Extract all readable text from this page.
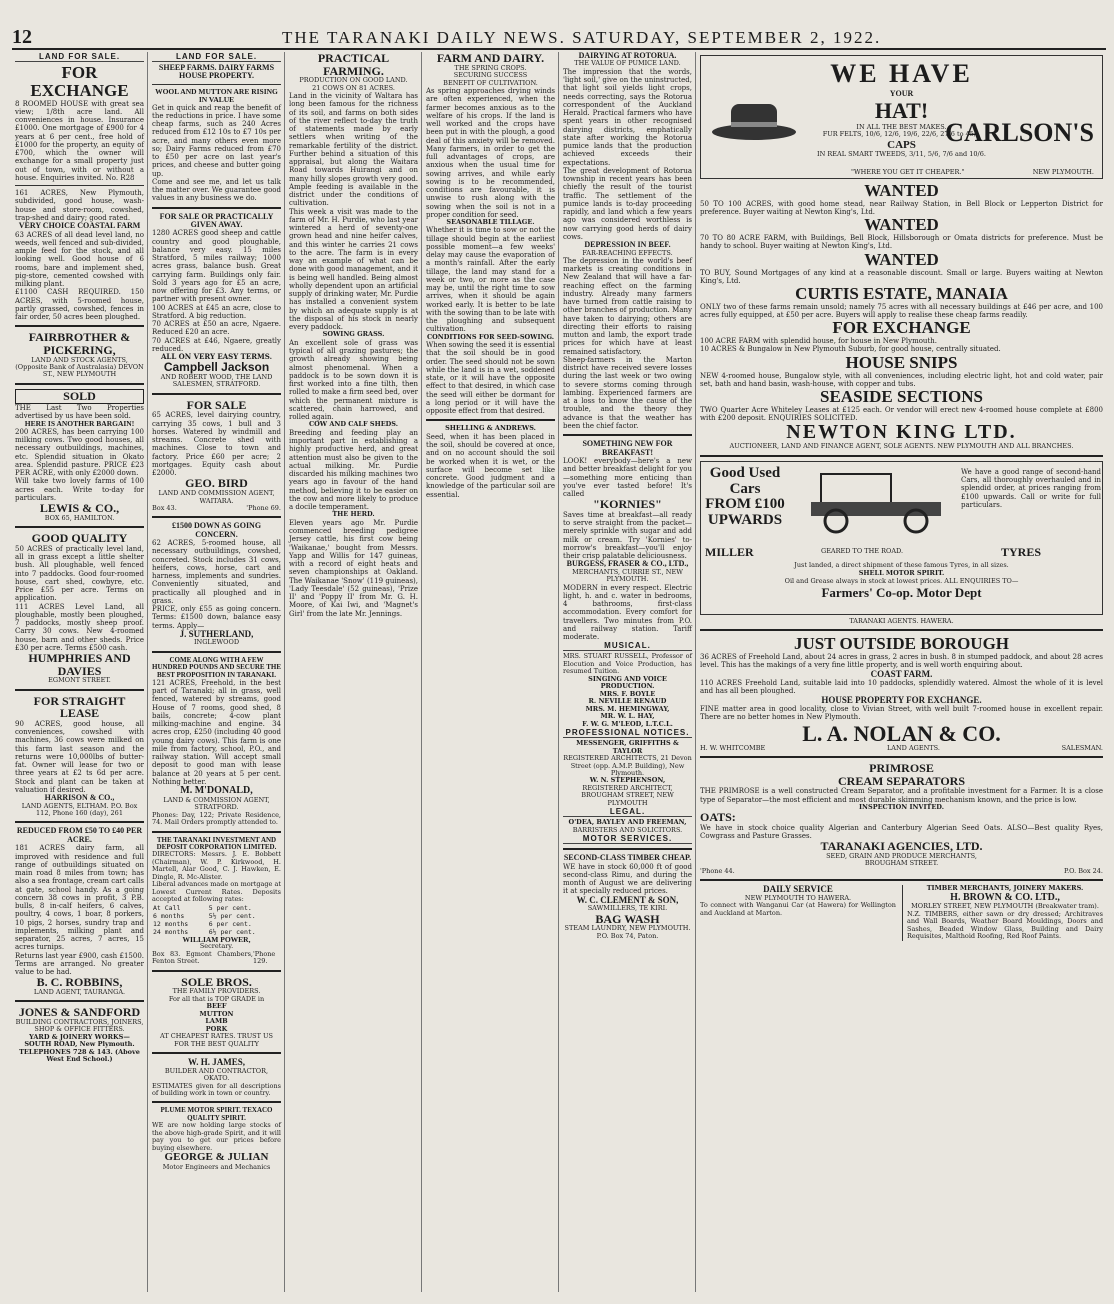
12	THE TARANAKI DAILY NEWS. SATURDAY, SEPTEMBER 2, 1922.
LAND FOR SALE.
FOR EXCHANGE
8 ROOMED HOUSE with great sea view; 1/8th acre land. All conveniences in house. Insurance £1000. One mortgage of £900 for 4 years at 6 per cent., free hold of £1000 for the property, an equity of £700, which the owner will exchange for a small property just out of town, with or without a house. Enquiries invited. No. R28
161 ACRES, New Plymouth, subdivided, good house, wash-house and store-room, cowshed, trap-shed and dairy; good rated.
VERY CHOICE COASTAL FARM
63 ACRES of all dead level land, no weeds, well fenced and sub-divided, ample feed for the stock, and all looking well. Good house of 6 rooms, bare and implement shed, pig-store, cemented cowshed with milking plant.
£1100 CASH REQUIRED. 150 ACRES, with 5-roomed house, partly grassed, cowshed, fences in fair order, 50 acres been ploughed.
FAIRBROTHER & PICKERING,
LAND AND STOCK AGENTS, (Opposite Bank of Australasia) DEVON ST., NEW PLYMOUTH
SOLD
THE Last Two Properties advertised by us have been sold.
HERE IS ANOTHER BARGAIN!
200 ACRES, has been carrying 100 milking cows. Two good houses, all necessary outbuildings, machines, etc. Splendid situation in Okato area. Splendid pasture. PRICE £23 PER ACRE, with only £2000 down.
Will take two lovely farms of 100 acres each. Write to-day for particulars.
LEWIS & CO.,
BOX 65, HAMILTON.
GOOD QUALITY
50 ACRES of practically level land, all in grass except a little shelter bush. All ploughable, well fenced into 7 paddocks. Good four-roomed house, cart shed, cowbyre, etc. Price £55 per acre. Terms on application.
111 ACRES Level Land, all ploughable, mostly been ploughed, 7 paddocks, mostly sheep proof. Carry 30 cows. New 4-roomed house, barn and other sheds. Price £30 per acre. Terms £500 cash.
HUMPHRIES AND DAVIES
EGMONT STREET.
FOR STRAIGHT LEASE
90 ACRES, good house, all conveniences, cowshed with machines, 36 cows were milked on this farm last season and the returns were 10,000lbs of butter-fat. Owner will lease for two or three years at £2 ts 6d per acre. Stock and plant can be taken at valuation if desired.
HARRISON & CO.,
LAND AGENTS, ELTHAM. P.O. Box 112, Phone 160 (day), 261
REDUCED FROM £50 TO £40 PER ACRE.
181 ACRES dairy farm, all improved with residence and full range of outbuildings situated on main road 8 miles from town; has also a sea frontage, cream cart calls at gate, school handy. As a going concern 38 cows in profit, 3 P.B. bulls, 8 in-calf heifers, 6 calves, poultry, 4 cows, 1 boar, 8 porkers, 10 pigs, 2 horses, sundry trap and implements, milking plant and separator, 25 acres, 7 acres, 15 acres turnips.
Returns last year £900, cash £1500. Terms are arranged. No greater value to be had.
B. C. ROBBINS,
LAND AGENT, TAURANGA.
JONES & SANDFORD
BUILDING CONTRACTORS, JOINERS, SHOP & OFFICE FITTERS.
YARD & JOINERY WORKS— SOUTH ROAD, New Plymouth. TELEPHONES 728 & 143. (Above West End School.)
LAND FOR SALE.
SHEEP FARMS. DAIRY FARMS HOUSE PROPERTY.
WOOL AND MUTTON ARE RISING IN VALUE
Get in quick and reap the benefit of the reductions in price. I have some cheap farms, such as 240 Acres reduced from £12 10s to £7 10s per acre, and many others even more so; Dairy Farms reduced from £70 to £50 per acre on last year's prices, and cheese and butter going up.
Come and see me, and let us talk the matter over. We guarantee good values in any business we do.
FOR SALE OR PRACTICALLY GIVEN AWAY.
1280 ACRES good sheep and cattle country and good ploughable, balance very easy. 15 miles Stratford, 5 miles railway; 1000 acres grass, balance bush. Great carrying farm. Buildings only fair. Sold 3 years ago for £5 an acre, now offering for £3. Any terms, or partner with present owner.
100 ACRES at £45 an acre, close to Stratford. A big reduction.
70 ACRES at £50 an acre, Ngaere. Reduced £20 an acre.
70 ACRES at £46, Ngaere, greatly reduced.
ALL ON VERY EASY TERMS.
Campbell Jackson
AND ROBERT WOOD, THE LAND SALESMEN, STRATFORD.
FOR SALE
65 ACRES, level dairying country, carrying 35 cows, 1 bull and 3 horses. Watered by windmill and streams. Concrete shed with machines. Close to town and factory. Price £60 per acre; 2 mortgages. Equity cash about £2000.
GEO. BIRD
LAND AND COMMISSION AGENT, WAITARA.
Box 43.	'Phone 69.
£1500 DOWN AS GOING CONCERN.
62 ACRES, 5-roomed house, all necessary outbuildings, cowshed, concreted. Stock includes 31 cows, heifers, cows, horse, cart and harness, implements and sundries. Conveniently situated, and practically all ploughed and in grass.
PRICE, only £55 as going concern. Terms: £1500 down, balance easy terms. Apply—
J. SUTHERLAND,
INGLEWOOD
COME ALONG WITH A FEW HUNDRED POUNDS AND SECURE THE BEST PROPOSITION IN TARANAKI.
121 ACRES, Freehold, in the best part of Taranaki; all in grass, well fenced, watered by streams, good House of 7 rooms, good shed, 8 bails, concrete; 4-cow plant milking-machine and engine. 34 acres crop, £250 (including 40 good young dairy cows). This farm is one mile from factory, school, P.O., and railway station. Will accept small deposit to good man with lease balance at 20 years at 5 per cent. Nothing better.
M. M'DONALD,
LAND & COMMISSION AGENT, STRATFORD.
Phones: Day, 122; Private Residence, 74. Mail Orders promptly attended to.
THE TARANAKI INVESTMENT AND DEPOSIT CORPORATION LIMITED.
DIRECTORS: Messrs. J. E. Bobbett (Chairman), W. P. Kirkwood, H. Martell, Alar Good, C. J. Hawken, E. Dingle, R. Mc-Alister.
Liberal advances made on mortgage at Lowest Current Rates. Deposits accepted at following rates:
At Call	5 per cent.
6 months	5½ per cent.
12 months	6 per cent.
24 months	6½ per cent.
WILLIAM POWER,
Secretary.
Box 83. Egmont Chambers, Fenton Street.
'Phone 129.
SOLE BROS.
THE FAMILY PROVIDERS.
For all that is TOP GRADE in
BEEF
MUTTON
LAMB
PORK
AT CHEAPEST RATES. TRUST US FOR THE BEST QUALITY
W. H. JAMES,
BUILDER AND CONTRACTOR, OKATO.
ESTIMATES given for all descriptions of building work in town or country.
PLUME MOTOR SPIRIT. TEXACO QUALITY SPIRIT.
WE are now holding large stocks of the above high-grade Spirit, and it will pay you to get our prices before buying elsewhere.
GEORGE & JULIAN
Motor Engineers and Mechanics
PRACTICAL FARMING.
PRODUCTION ON GOOD LAND.
21 COWS ON 81 ACRES.
Land in the vicinity of Waltara has long been famous for the richness of its soil, and farms on both sides of the river reflect to-day the truth of statements made by early settlers when writing of the remarkable fertility of the district. Further behind a situation of this appraisal, but along the Waitara Road towards Huirangi and on many hilly slopes growth very good. Ample feeding is available in the district under the conditions of cultivation.
This week a visit was made to the farm of Mr. H. Purdie, who last year wintered a herd of seventy-one grown head and nine heifer calves, and this winter he carries 21 cows to the acre. The farm is in every way an example of what can be done with good management, and it is being well handled. Being almost wholly dependent upon an artificial supply of drinking water, Mr. Purdie has installed a convenient system by which an adequate supply is at the disposal of his stock in nearly every paddock.
SOWING GRASS.
An excellent sole of grass was typical of all grazing pastures; the growth already showing being almost phenomenal. When a paddock is to be sown down it is first worked into a fine tilth, then rolled to make a firm seed bed, over which the permanent mixture is scattered, chain harrowed, and rolled again.
COW AND CALF SHEDS.
Breeding and feeding play an important part in establishing a highly productive herd, and great attention must also be given to the actual milking. Mr. Purdie discarded his milking machines two years ago in favour of the hand method, believing it to be easier on the cow and more likely to produce a docile temperament.
THE HERD.
Eleven years ago Mr. Purdie commenced breeding pedigree Jersey cattle, his first cow being 'Waikanae,' bought from Messrs. Yapp and Willis for 147 guineas, with a record of eight heats and seven championships at Oakland. The Waikanae 'Snow' (119 guineas), 'Lady Teesdale' (52 guineas), 'Prize II' and 'Poppy II' from Mr. G. H. Moore, of Kai Iwi, and 'Magnet's Girl' from the late Mr. Jennings.
FARM AND DAIRY.
THE SPRING CROPS.
SECURING SUCCESS
BENEFIT OF CULTIVATION.
As spring approaches drying winds are often experienced, when the farmer becomes anxious as to the welfare of his crops. If the land is well worked and the crops have been put in with the plough, a good deal of this anxiety will be removed. Many farmers, in order to get the full advantages of crops, are anxious when the usual time for sowing arrives, and while early sowing is to be recommended, conditions are favourable, it is unwise to rush along with the sowing when the soil is not in a proper condition for seed.
SEASONABLE TILLAGE.
Whether it is time to sow or not the tillage should begin at the earliest possible moment—a few weeks' delay may cause the evaporation of a month's rainfall. After the early tillage, the land may stand for a week or two, or more as the case may be, until the right time to sow arrives, when it should be again worked early. It is better to be late with the sowing than to be late with the ploughing and subsequent cultivation.
CONDITIONS FOR SEED-SOWING.
When sowing the seed it is essential that the soil should be in good order. The seed should not be sown while the land is in a wet, soddened state, or it will have the opposite effect to that desired, in which case the seed will either be dormant for a long period or it will have the opposite effect from that desired.
SHELLING & ANDREWS.
Seed, when it has been placed in the soil, should be covered at once, and on no account should the soil be worked when it is wet, or the surface will become set like concrete. Good judgment and a knowledge of the particular soil are essential.
DAIRYING AT ROTORUA.
THE VALUE OF PUMICE LAND.
The impression that the words, 'light soil,' give on the uninstructed, that light soil yields light crops, needs correcting, says the Rotorua correspondent of the Auckland Herald. Practical farmers who have spent years in other recognised dairying districts, emphatically state after working the Rotorua pumice lands that the production achieved exceeds their expectations.
The great development of Rotorua township in recent years has been chiefly the result of the tourist traffic. The settlement of the pumice lands is to-day proceeding rapidly, and land which a few years ago was considered worthless is now carrying good herds of dairy cows.
DEPRESSION IN BEEF.
FAR-REACHING EFFECTS.
The depression in the world's beef markets is creating conditions in New Zealand that will have a far-reaching effect on the farming industry. Already many farmers have turned from cattle raising to other branches of production. Many have taken to dairying; others are directing their efforts to raising mutton and lamb, the export trade prices for which have at least remained satisfactory.
Sheep-farmers in the Marton district have received severe losses during the last week or two owing to severe storms coming through lambing. Experienced farmers are at a loss to know the cause of the trouble, and the theory they advance is that the weather has been the chief factor.
SOMETHING NEW FOR BREAKFAST!
LOOK! everybody—here's a new and better breakfast delight for you—something more enticing than you've ever tasted before! It's called
"KORNIES"
Saves time at breakfast—all ready to serve straight from the packet—merely sprinkle with sugar and add milk or cream. Try 'Kornies' to-morrow's breakfast—you'll enjoy their crisp palatable deliciousness.
BURGESS, FRASER & CO., LTD.,
MERCHANTS, CURRIE ST., NEW PLYMOUTH.
MODERN in every respect. Electric light, h. and c. water in bedrooms, 4 bathrooms, first-class accommodation. Every comfort for travellers. Two minutes from P.O. and railway station. Tariff moderate.
MUSICAL.
MRS. STUART RUSSELL, Professor of Elocution and Voice Production, has resumed Tuition.
SINGING AND VOICE PRODUCTION.
MRS. F. BOYLE
R. NEVILLE RENAUD
MRS. M. HEMINGWAY,
MR. W. L. HAY,
F. W. G. M'LEOD, L.T.C.L.
PROFESSIONAL NOTICES.
MESSENGER, GRIFFITHS & TAYLOR
REGISTERED ARCHITECTS, 21 Devon Street (opp. A.M.P. Building), New Plymouth.
W. N. STEPHENSON,
REGISTERED ARCHITECT, BROUGHAM STREET, NEW PLYMOUTH
LEGAL.
O'DEA, BAYLEY AND FREEMAN,
BARRISTERS AND SOLICITORS.
MOTOR SERVICES.
SECOND-CLASS TIMBER CHEAP.
WE have in stock 60,000 ft of good second-class Rimu, and during the month of August we are delivering it at specially reduced prices.
W. C. CLEMENT & SON,
SAWMILLERS, TE KIRI.
BAG WASH
STEAM LAUNDRY, NEW PLYMOUTH. P.O. Box 74, Paton.
WE HAVE
YOUR
HAT!
IN ALL THE BEST MAKES.
FUR FELTS, 10/6, 12/6, 19/6, 22/6, 27/6 to 45/-.
CAPS
IN REAL SMART TWEEDS, 3/11, 5/6, 7/6 and 10/6.
CARLSON'S
"WHERE YOU GET IT CHEAPER."	NEW PLYMOUTH.
WANTED
50 TO 100 ACRES, with good home stead, near Railway Station, in Bell Block or Lepperton District for preference. Buyer waiting at Newton King's, Ltd.
WANTED
70 TO 80 ACRE FARM, with Buildings, Bell Block, Hillsborough or Omata districts for preference. Must be handy to school. Buyer waiting at Newton King's, Ltd.
WANTED
TO BUY, Sound Mortgages of any kind at a reasonable discount. Small or large. Buyers waiting at Newton King's, Ltd.
CURTIS ESTATE, MANAIA
ONLY two of these farms remain unsold; namely 75 acres with all necessary buildings at £46 per acre, and 100 acres fully equipped, at £50 per acre. Buyers will apply to realise these cheap farms readily.
FOR EXCHANGE
100 ACRE FARM with splendid house, for house in New Plymouth.
10 ACRES & Bungalow in New Plymouth Suburb, for good house, centrally situated.
HOUSE SNIPS
NEW 4-roomed house, Bungalow style, with all conveniences, including electric light, hot and cold water, pair set, bath and hand basin, wash-house, with copper and tubs.
SEASIDE SECTIONS
TWO Quarter Acre Whiteley Leases at £125 each. Or vendor will erect new 4-roomed house complete at £800 with £200 deposit. ENQUIRIES SOLICITED.
NEWTON KING LTD.
AUCTIONEER, LAND AND FINANCE AGENT, SOLE AGENTS. NEW PLYMOUTH AND ALL BRANCHES.
Good Used Cars FROM £100 UPWARDS
We have a good range of second-hand Cars, all thoroughly overhauled and in splendid order, at prices ranging from £100 upwards. Call or write for full particulars.
MILLER	GEARED TO THE ROAD.	TYRES
Just landed, a direct shipment of these famous Tyres, in all sizes.
SHELL MOTOR SPIRIT.
Oil and Grease always in stock at lowest prices. ALL ENQUIRIES TO—
Farmers' Co-op. Motor Dept
TARANAKI AGENTS. HAWERA.
JUST OUTSIDE BOROUGH
36 ACRES of Freehold Land, about 24 acres in grass, 2 acres in bush. 8 in stumped paddock, and about 28 acres level. This has the makings of a very fine little property, and is well worth enquiring about.
COAST FARM.
110 ACRES Freehold Land, suitable laid into 10 paddocks, splendidly watered. Almost the whole of it is level and has all been ploughed.
HOUSE PROPERTY FOR EXCHANGE.
FINE matter area in good locality, close to Vivian Street, with well built 7-roomed house in excellent repair. There are no better homes in New Plymouth.
L. A. NOLAN & CO.
H. W. WHITCOMBE	LAND AGENTS.	SALESMAN.
PRIMROSE
CREAM SEPARATORS
THE PRIMROSE is a well constructed Cream Separator, and a profitable investment for a Farmer. It is a close type of Separator—the most efficient and most durable skimming mechanism known, and the price is low.
INSPECTION INVITED.
OATS:
We have in stock choice quality Algerian and Canterbury Algerian Seed Oats. ALSO—Best quality Ryes, Cowgrass and Pasture Grasses.
TARANAKI AGENCIES, LTD.
SEED, GRAIN AND PRODUCE MERCHANTS,
BROUGHAM STREET.
'Phone 44.	P.O. Box 24.
DAILY SERVICE
NEW PLYMOUTH TO HAWERA.
To connect with Wanganui Car (at Hawera) for Wellington and Auckland at Marton.
TIMBER MERCHANTS, JOINERY MAKERS.
H. BROWN & CO. LTD.,
MORLEY STREET, NEW PLYMOUTH (Breakwater tram).
N.Z. TIMBERS, either sawn or dry dressed; Architraves and Wall Boards, Weather Board Mouldings, Doors and Sashes, Beaded Window Glass, Building and Dairy Requisites, Malthoid Roofing, Red Roof Paints.
